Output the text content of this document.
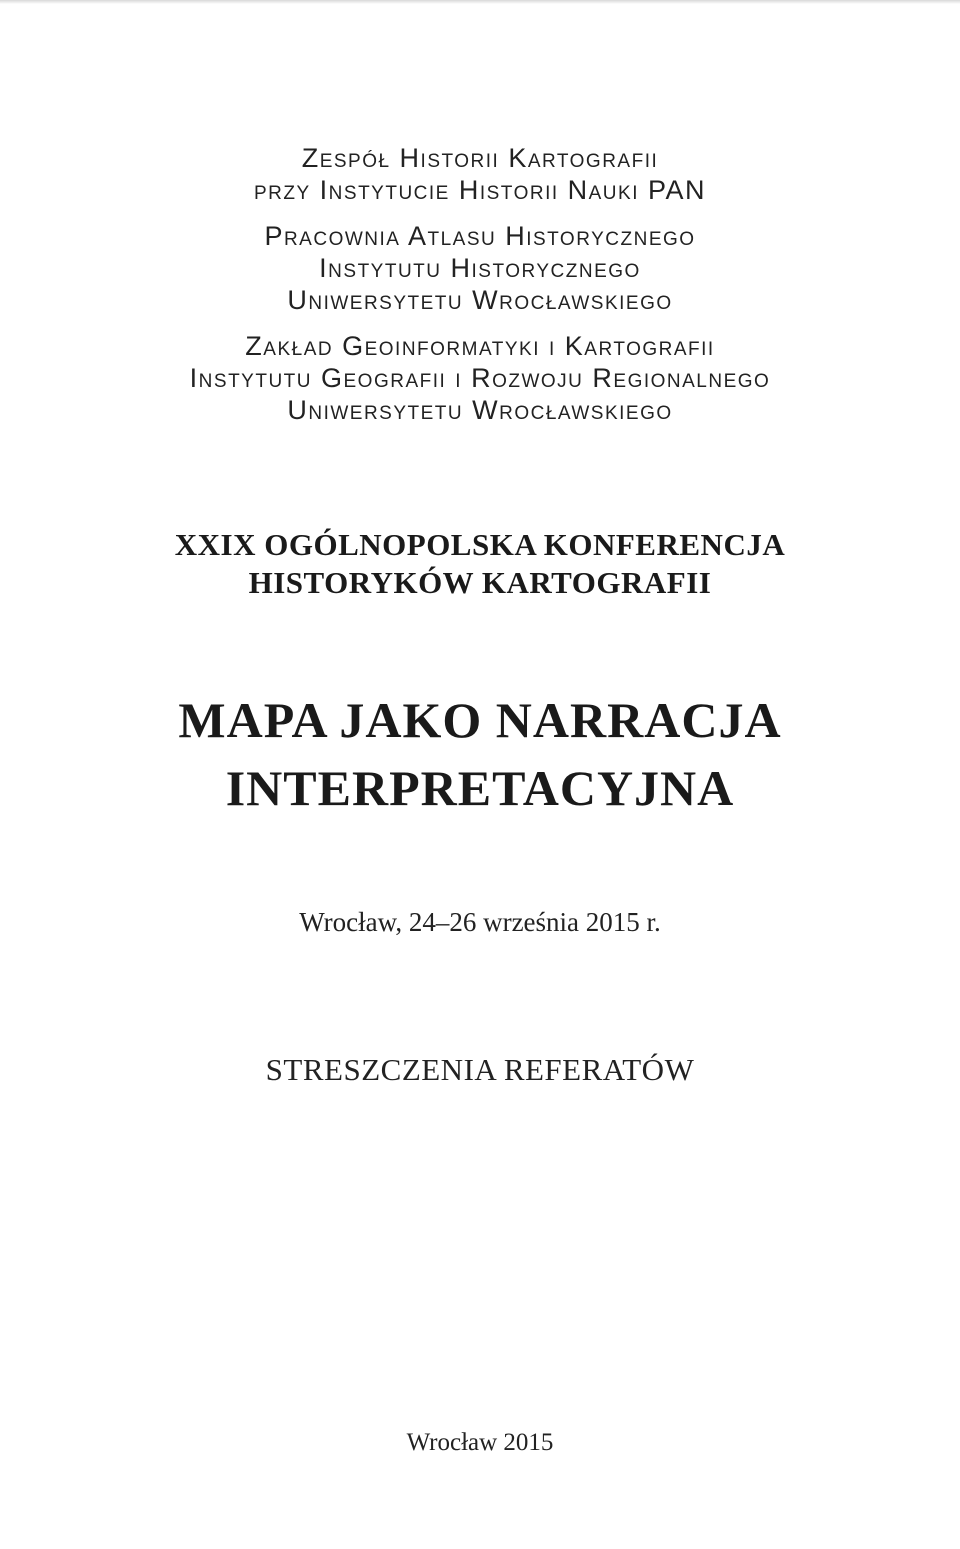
Zespół Historii Kartografii
przy Instytucie Historii Nauki PAN
Pracownia Atlasu Historycznego
Instytutu Historycznego
Uniwersytetu Wrocławskiego
Zakład Geoinformatyki i Kartografii
Instytutu Geografii i Rozwoju Regionalnego
Uniwersytetu Wrocławskiego
XXIX OGÓLNOPOLSKA KONFERENCJA
HISTORYKÓW KARTOGRAFII
MAPA JAKO NARRACJA
INTERPRETACYJNA
Wrocław, 24–26 września 2015 r.
STRESZCZENIA REFERATÓW
Wrocław 2015
